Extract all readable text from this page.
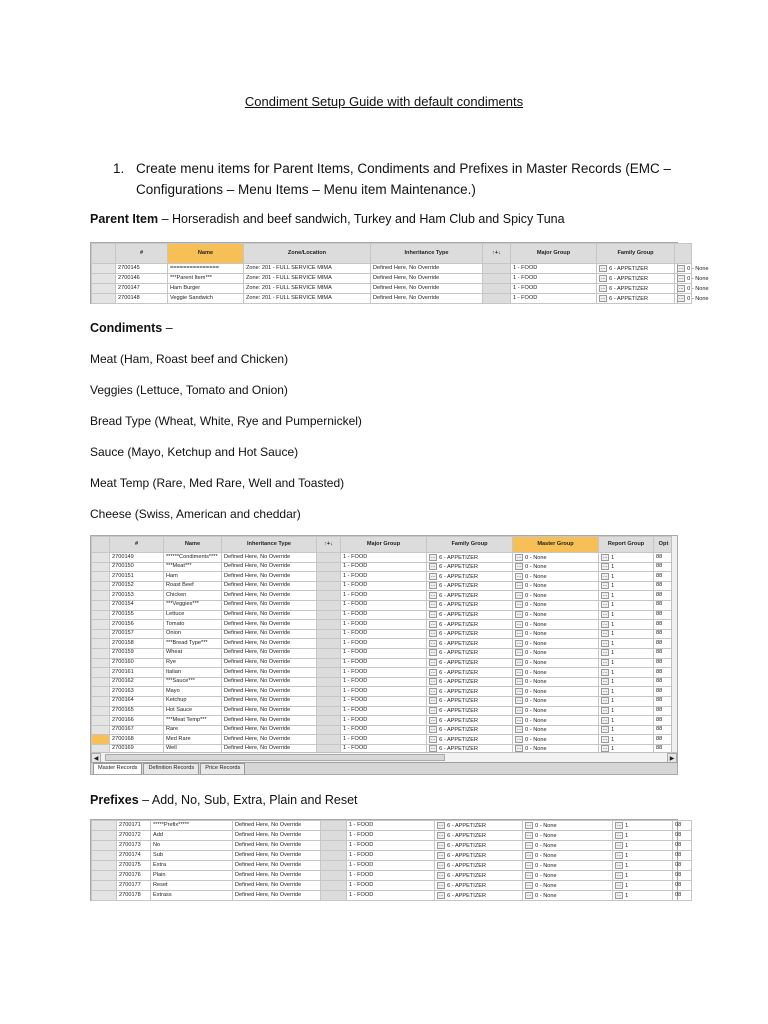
Condiment Setup Guide with default condiments
1. Create menu items for Parent Items, Condiments and Prefixes in Master Records (EMC – Configurations – Menu Items – Menu item Maintenance.)
Parent Item – Horseradish and beef sandwich, Turkey and Ham Club and Spicy Tuna
	#	Name	Zone/Location	Inheritance Type	↑+↓	Major Group	Family Group	
	2700145	===============	Zone: 201 - FULL SERVICE MIMA	Defined Here, No Override		1 - FOOD	... 6 - APPETIZER	... 0 - None
	2700146	***Parent Item***	Zone: 201 - FULL SERVICE MIMA	Defined Here, No Override		1 - FOOD	... 6 - APPETIZER	... 0 - None
	2700147	Ham Burger	Zone: 201 - FULL SERVICE MIMA	Defined Here, No Override		1 - FOOD	... 6 - APPETIZER	... 0 - None
	2700148	Veggie Sandwich	Zone: 201 - FULL SERVICE MIMA	Defined Here, No Override		1 - FOOD	... 6 - APPETIZER	... 0 - None
Condiments –
Meat (Ham, Roast beef and Chicken)
Veggies (Lettuce, Tomato and Onion)
Bread Type (Wheat, White, Rye and Pumpernickel)
Sauce (Mayo, Ketchup and Hot Sauce)
Meat Temp (Rare, Med Rare, Well and Toasted)
Cheese (Swiss, American and cheddar)
	#	Name	Inheritance Type	↑+↓	Major Group	Family Group	Master Group	Report Group	Opt
	2700149	******Condiments****	Defined Here, No Override		1 - FOOD	... 6 - APPETIZER	... 0 - None	... 1	88
	2700150	***Meat***	Defined Here, No Override		1 - FOOD	... 6 - APPETIZER	... 0 - None	... 1	88
	2700151	Ham	Defined Here, No Override		1 - FOOD	... 6 - APPETIZER	... 0 - None	... 1	88
	2700152	Roast Beef	Defined Here, No Override		1 - FOOD	... 6 - APPETIZER	... 0 - None	... 1	88
	2700153	Chicken	Defined Here, No Override		1 - FOOD	... 6 - APPETIZER	... 0 - None	... 1	88
	2700154	***Veggies***	Defined Here, No Override		1 - FOOD	... 6 - APPETIZER	... 0 - None	... 1	88
	2700155	Lettuce	Defined Here, No Override		1 - FOOD	... 6 - APPETIZER	... 0 - None	... 1	88
	2700156	Tomato	Defined Here, No Override		1 - FOOD	... 6 - APPETIZER	... 0 - None	... 1	88
	2700157	Onion	Defined Here, No Override		1 - FOOD	... 6 - APPETIZER	... 0 - None	... 1	88
	2700158	***Bread Type***	Defined Here, No Override		1 - FOOD	... 6 - APPETIZER	... 0 - None	... 1	88
	2700159	Wheat	Defined Here, No Override		1 - FOOD	... 6 - APPETIZER	... 0 - None	... 1	88
	2700160	Rye	Defined Here, No Override		1 - FOOD	... 6 - APPETIZER	... 0 - None	... 1	88
	2700161	Italian	Defined Here, No Override		1 - FOOD	... 6 - APPETIZER	... 0 - None	... 1	88
	2700162	***Sauce***	Defined Here, No Override		1 - FOOD	... 6 - APPETIZER	... 0 - None	... 1	88
	2700163	Mayo	Defined Here, No Override		1 - FOOD	... 6 - APPETIZER	... 0 - None	... 1	88
	2700164	Ketchup	Defined Here, No Override		1 - FOOD	... 6 - APPETIZER	... 0 - None	... 1	88
	2700165	Hot Sauce	Defined Here, No Override		1 - FOOD	... 6 - APPETIZER	... 0 - None	... 1	88
	2700166	***Meat Temp***	Defined Here, No Override		1 - FOOD	... 6 - APPETIZER	... 0 - None	... 1	88
	2700167	Rare	Defined Here, No Override		1 - FOOD	... 6 - APPETIZER	... 0 - None	... 1	88
	2700168	Med Rare	Defined Here, No Override		1 - FOOD	... 6 - APPETIZER	... 0 - None	... 1	88
	2700169	Well	Defined Here, No Override		1 - FOOD	... 6 - APPETIZER	... 0 - None	... 1	88
◀	▶
Master Records	Definition Records	Price Records
Prefixes – Add, No, Sub, Extra, Plain and Reset
	2700171	*****Prefix*****	Defined Here, No Override		1 - FOOD	... 6 - APPETIZER	... 0 - None	... 1	08
	2700172	Add	Defined Here, No Override		1 - FOOD	... 6 - APPETIZER	... 0 - None	... 1	08
	2700173	No	Defined Here, No Override		1 - FOOD	... 6 - APPETIZER	... 0 - None	... 1	08
	2700174	Sub	Defined Here, No Override		1 - FOOD	... 6 - APPETIZER	... 0 - None	... 1	08
	2700175	Extra	Defined Here, No Override		1 - FOOD	... 6 - APPETIZER	... 0 - None	... 1	08
	2700176	Plain	Defined Here, No Override		1 - FOOD	... 6 - APPETIZER	... 0 - None	... 1	08
	2700177	Reset	Defined Here, No Override		1 - FOOD	... 6 - APPETIZER	... 0 - None	... 1	08
	2700178	Extrass	Defined Here, No Override		1 - FOOD	... 6 - APPETIZER	... 0 - None	... 1	08
